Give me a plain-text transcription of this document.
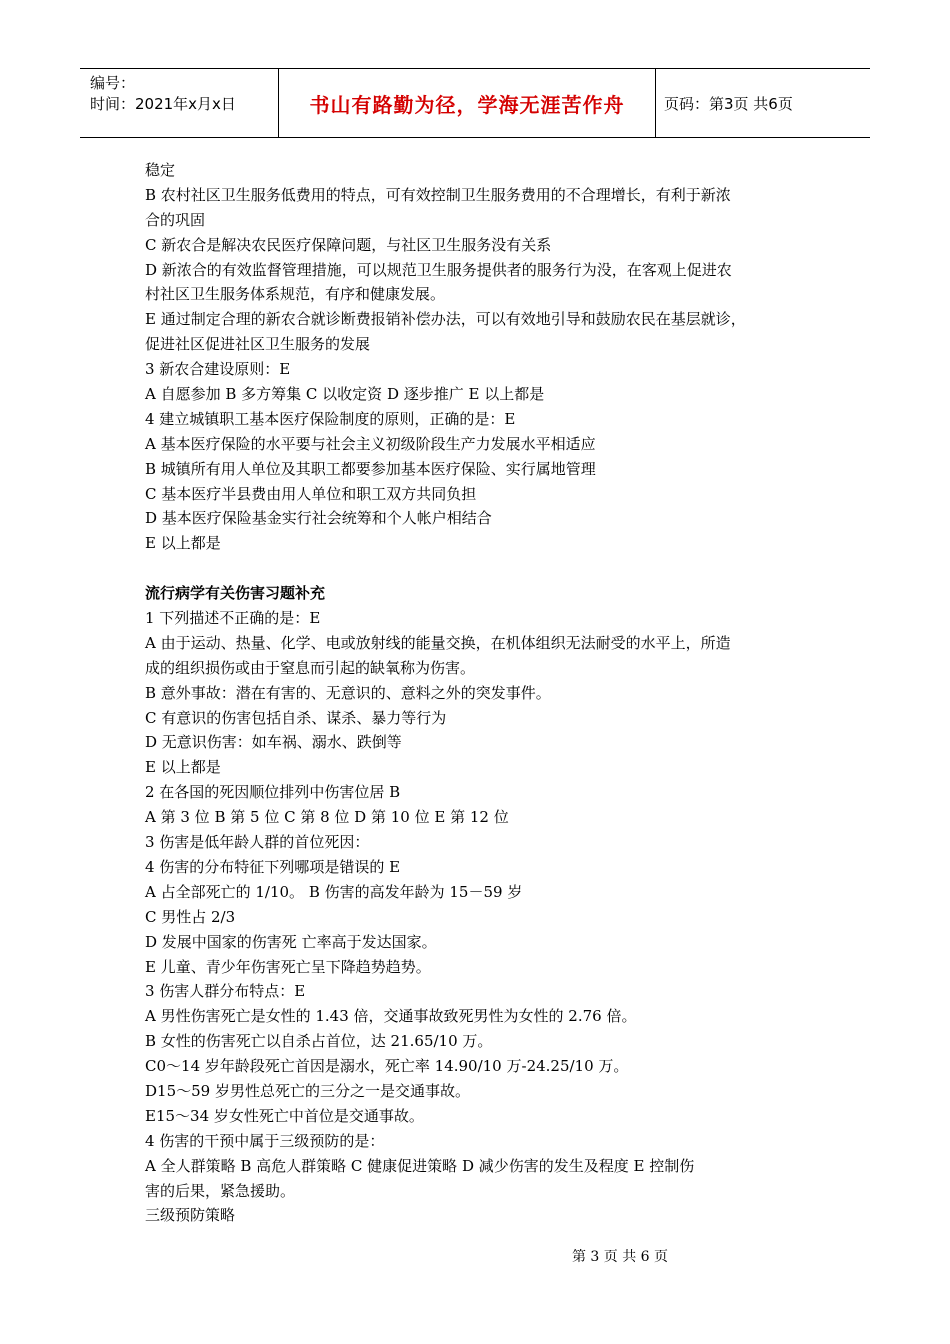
编号：
时间：2021年x月x日	书山有路勤为径，学海无涯苦作舟	页码：第3页 共6页
稳定
B 农村社区卫生服务低费用的特点，可有效控制卫生服务费用的不合理增长，有利于新浓
合的巩固
C 新农合是解决农民医疗保障问题，与社区卫生服务没有关系
D 新浓合的有效监督管理措施，可以规范卫生服务提供者的服务行为没，在客观上促进农
村社区卫生服务体系规范，有序和健康发展。
E 通过制定合理的新农合就诊断费报销补偿办法，可以有效地引导和鼓励农民在基层就诊，
促进社区促进社区卫生服务的发展
3 新农合建设原则：E
A 自愿参加 B 多方筹集 C 以收定资 D 逐步推广 E 以上都是
4 建立城镇职工基本医疗保险制度的原则，正确的是：E
A 基本医疗保险的水平要与社会主义初级阶段生产力发展水平相适应
B 城镇所有用人单位及其职工都要参加基本医疗保险、实行属地管理
C 基本医疗半县费由用人单位和职工双方共同负担
D 基本医疗保险基金实行社会统筹和个人帐户相结合
E 以上都是
流行病学有关伤害习题补充
1 下列描述不正确的是：E
A 由于运动、热量、化学、电或放射线的能量交换，在机体组织无法耐受的水平上，所造
成的组织损伤或由于窒息而引起的缺氧称为伤害。
B 意外事故：潜在有害的、无意识的、意料之外的突发事件。
C 有意识的伤害包括自杀、谋杀、暴力等行为
D 无意识伤害：如车祸、溺水、跌倒等
E 以上都是
2 在各国的死因顺位排列中伤害位居 B
A 第 3 位 B 第 5 位 C 第 8 位 D 第 10 位 E 第 12 位
3 伤害是低年龄人群的首位死因：
4 伤害的分布特征下列哪项是错误的 E
A 占全部死亡的 1/10。 B 伤害的高发年龄为 15－59 岁
C 男性占 2/3
D 发展中国家的伤害死 亡率高于发达国家。
E 儿童、青少年伤害死亡呈下降趋势趋势。
3 伤害人群分布特点：E
A 男性伤害死亡是女性的 1.43 倍，交通事故致死男性为女性的 2.76 倍。
B 女性的伤害死亡以自杀占首位，达 21.65/10 万。
C0～14 岁年龄段死亡首因是溺水，死亡率 14.90/10 万-24.25/10 万。
D15～59 岁男性总死亡的三分之一是交通事故。
E15～34 岁女性死亡中首位是交通事故。
4 伤害的干预中属于三级预防的是：
A 全人群策略 B 高危人群策略 C 健康促进策略 D 减少伤害的发生及程度 E 控制伤
害的后果，紧急援助。
三级预防策略
第 3 页 共 6 页
